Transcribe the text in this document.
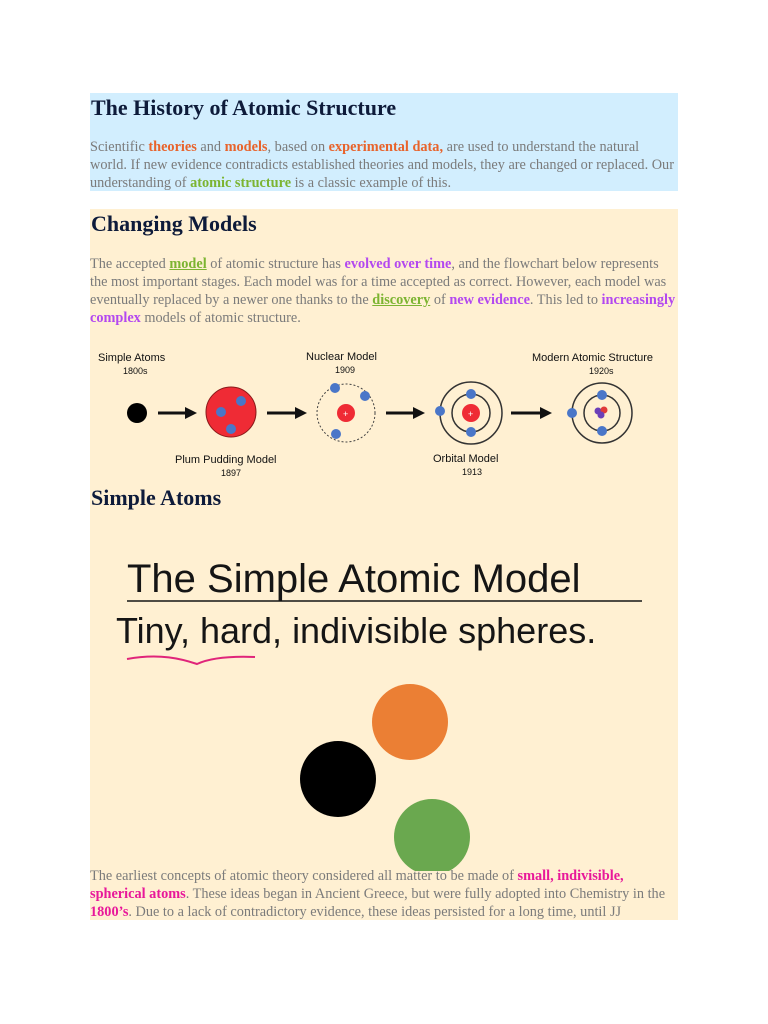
The History of Atomic Structure

Scientific theories and models, based on experimental data, are used to understand the natural world. If new evidence contradicts established theories and models, they are changed or replaced. Our understanding of atomic structure is a classic example of this.

Changing Models

The accepted model of atomic structure has evolved over time, and the flowchart below represents the most important stages. Each model was for a time accepted as correct. However, each model was eventually replaced by a newer one thanks to the discovery of new evidence. This led to increasingly complex models of atomic structure.

Simple Atoms
1800s
Plum Pudding Model
1897
Nuclear Model
1909
+	+
Orbital Model
1913
Modern Atomic Structure
1920s
Simple Atoms
The Simple Atomic Model
Tiny, hard, indivisible spheres.

The earliest concepts of atomic theory considered all matter to be made of small, indivisible, spherical atoms. These ideas began in Ancient Greece, but were fully adopted into Chemistry in the 1800’s. Due to a lack of contradictory evidence, these ideas persisted for a long time, until JJ
